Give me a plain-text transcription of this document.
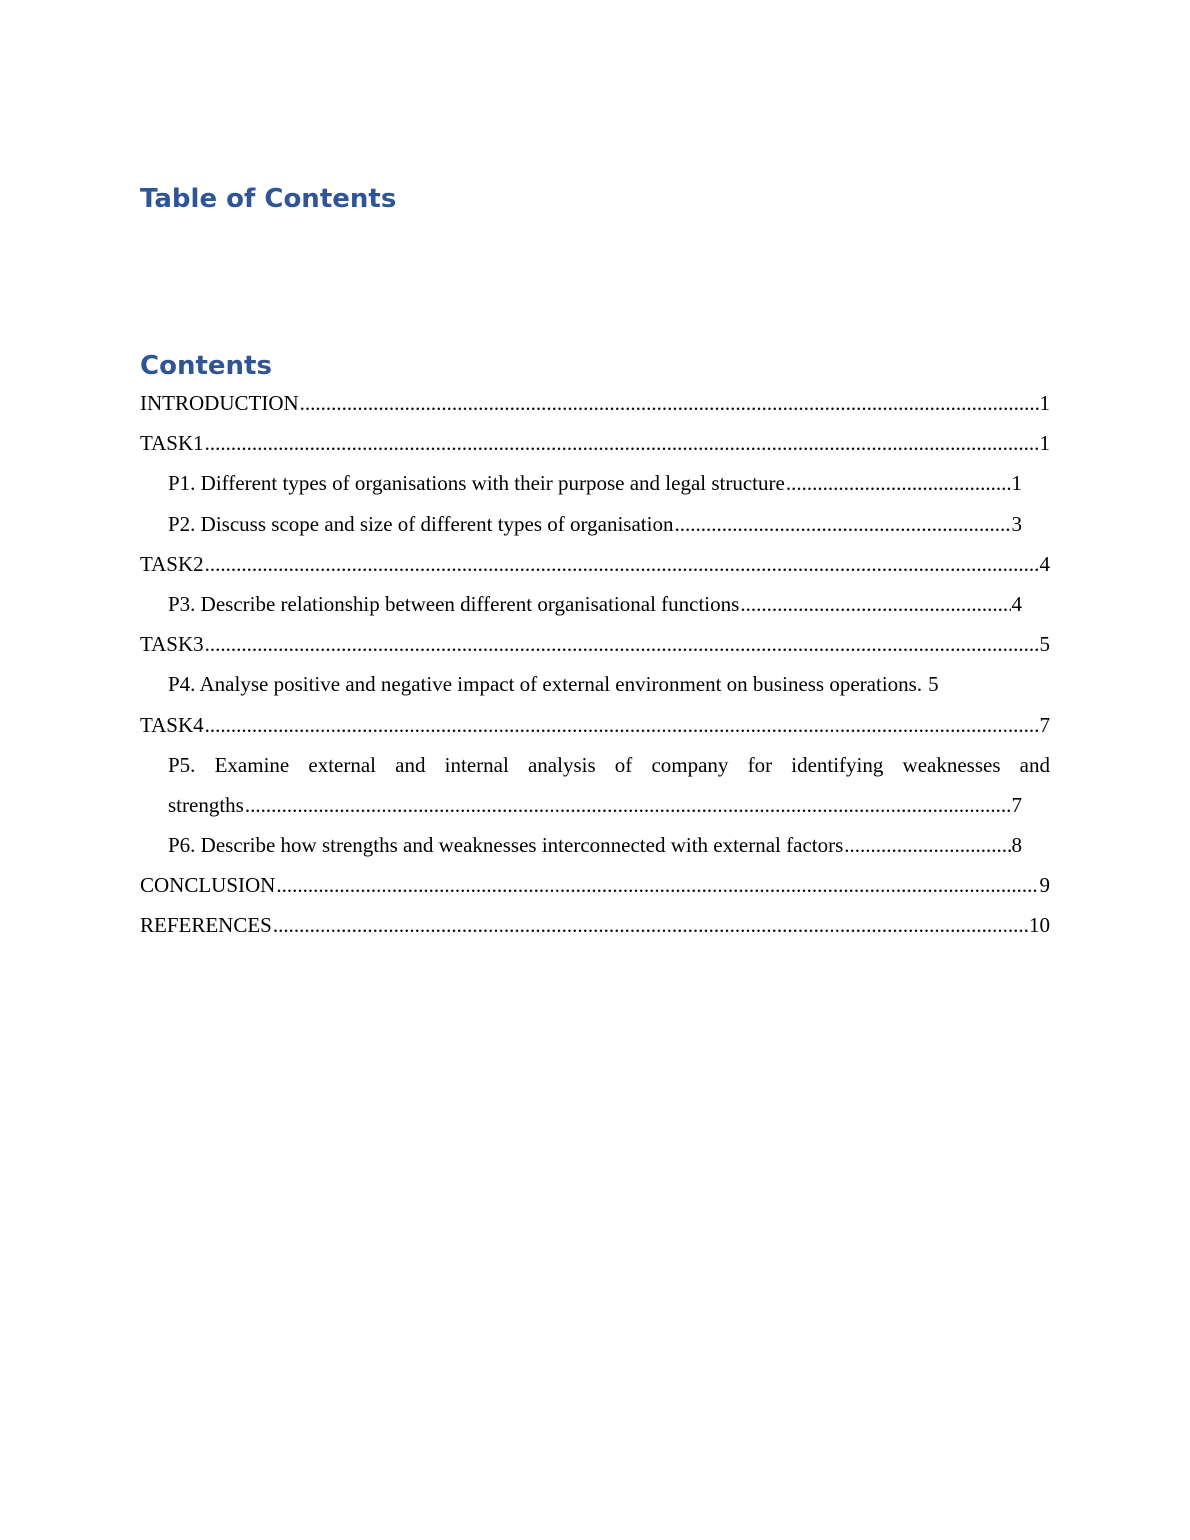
Table of Contents
Contents
INTRODUCTION .....	1
TASK1 .....	1
P1. Different types of organisations with their purpose and legal structure .....	1
P2. Discuss scope and size of different types of organisation .....	3
TASK2 .....	4
P3. Describe relationship between different organisational functions .....	4
TASK3 .....	5
P4. Analyse positive and negative impact of external environment on business operations. 5
TASK4 .....	7
P5. Examine external and internal analysis of company for identifying weaknesses and
strengths .....	7
P6. Describe how strengths and weaknesses interconnected with external factors .....	8
CONCLUSION .....	9
REFERENCES .....	10
